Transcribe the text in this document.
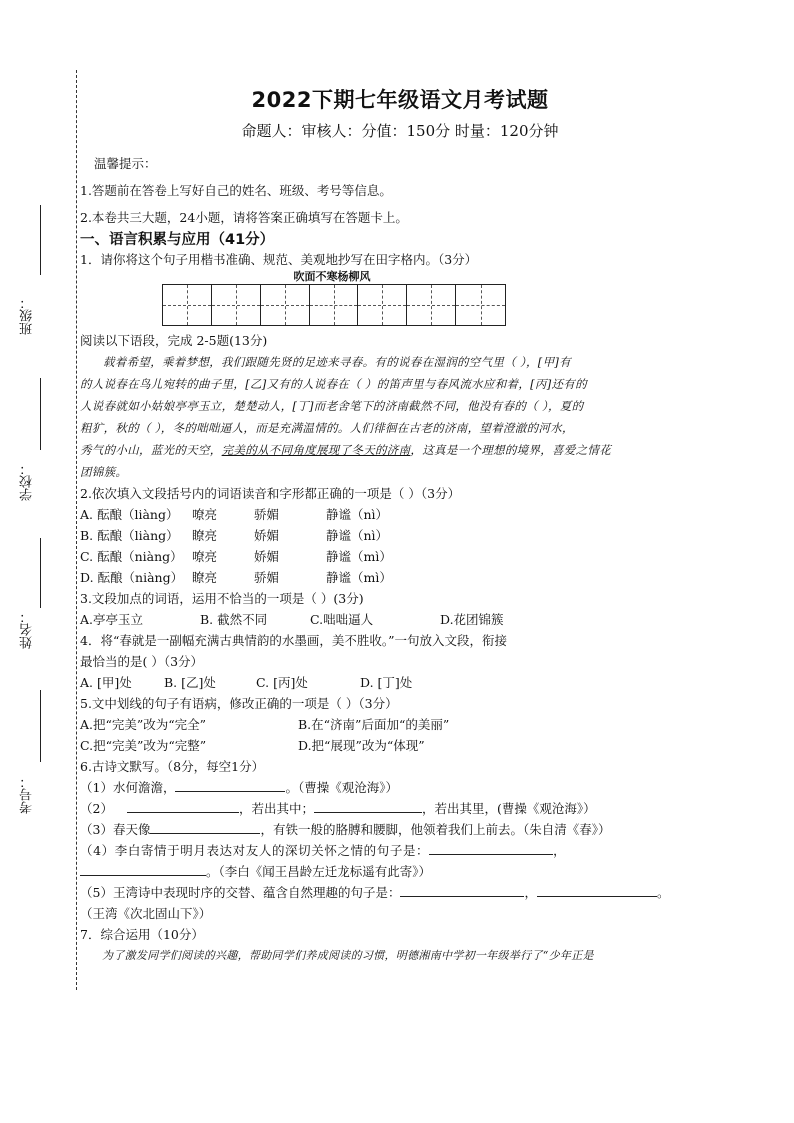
班级：
学校：
姓名：
考号：
2022下期七年级语文月考试题
命题人：审核人：分值：150分 时量：120分钟
温馨提示：
1.答题前在答卷上写好自己的姓名、班级、考号等信息。
2.本卷共三大题，24小题，请将答案正确填写在答题卡上。
一、语言积累与应用（41分）
1．请你将这个句子用楷书准确、规范、美观地抄写在田字格内。（3分）
吹面不寒杨柳风
阅读以下语段，完成 2-5题(13分)
载着希望，乘着梦想，我们跟随先贤的足迹来寻春。有的说春在湿润的空气里（ ），[甲]有
的人说春在鸟儿宛转的曲子里，[乙]又有的人说春在（ ）的笛声里与春风流水应和着，[丙]还有的
人说春就如小姑娘亭亭玉立，楚楚动人，[丁]而老舍笔下的济南截然不同，他没有春的（ ），夏的
粗犷，秋的（ ），冬的咄咄逼人，而是充满温情的。人们徘徊在古老的济南，望着澄澈的河水，
秀气的小山，蓝光的天空，完美的从不同角度展现了冬天的济南，这真是一个理想的境界，喜爱之情花
团锦簇。
2.依次填入文段括号内的词语读音和字形都正确的一项是（ ）（3分）
A. 酝酿（liàng）	嘹亮	骄媚	静谧（nì）
B. 酝酿（liàng）	瞭亮	娇媚	静谧（nì）
C. 酝酿（niàng） 嘹亮	娇媚	静谧（mì）
D. 酝酿（niàng） 瞭亮	骄媚	静谧（mì）
3.文段加点的词语，运用不恰当的一项是（ ）(3分)
A.亭亭玉立	B. 截然不同	C.咄咄逼人	D.花团锦簇
4．将“春就是一副幅充满古典情韵的水墨画，美不胜收。”一句放入文段，衔接
最恰当的是( ）（3分）
A. [甲]处	B. [乙]处	C. [丙]处	D. [丁]处
5.文中划线的句子有语病，修改正确的一项是（ ）（3分）
A.把“完美”改为“完全”	B.在“济南”后面加“的美丽”
C.把“完美”改为“完整”	D.把“展现”改为“体现”
6.古诗文默写。（8分，每空1分）
（1）水何澹澹，	。（曹操《观沧海》）
（2）	，若出其中；	，若出其里，(曹操《观沧海》）
（3）春天像	，有铁一般的胳膊和腰脚，他领着我们上前去。（朱自清《春》）
（4）李白寄情于明月表达对友人的深切关怀之情的句子是：	，
。（李白《闻王昌龄左迁龙标遥有此寄》）
（5）王湾诗中表现时序的交替、蕴含自然理趣的句子是：	，	。
（王湾《次北固山下》）
7．综合运用（10分）
为了激发同学们阅读的兴趣，帮助同学们养成阅读的习惯，明德湘南中学初一年级举行了“少年正是
